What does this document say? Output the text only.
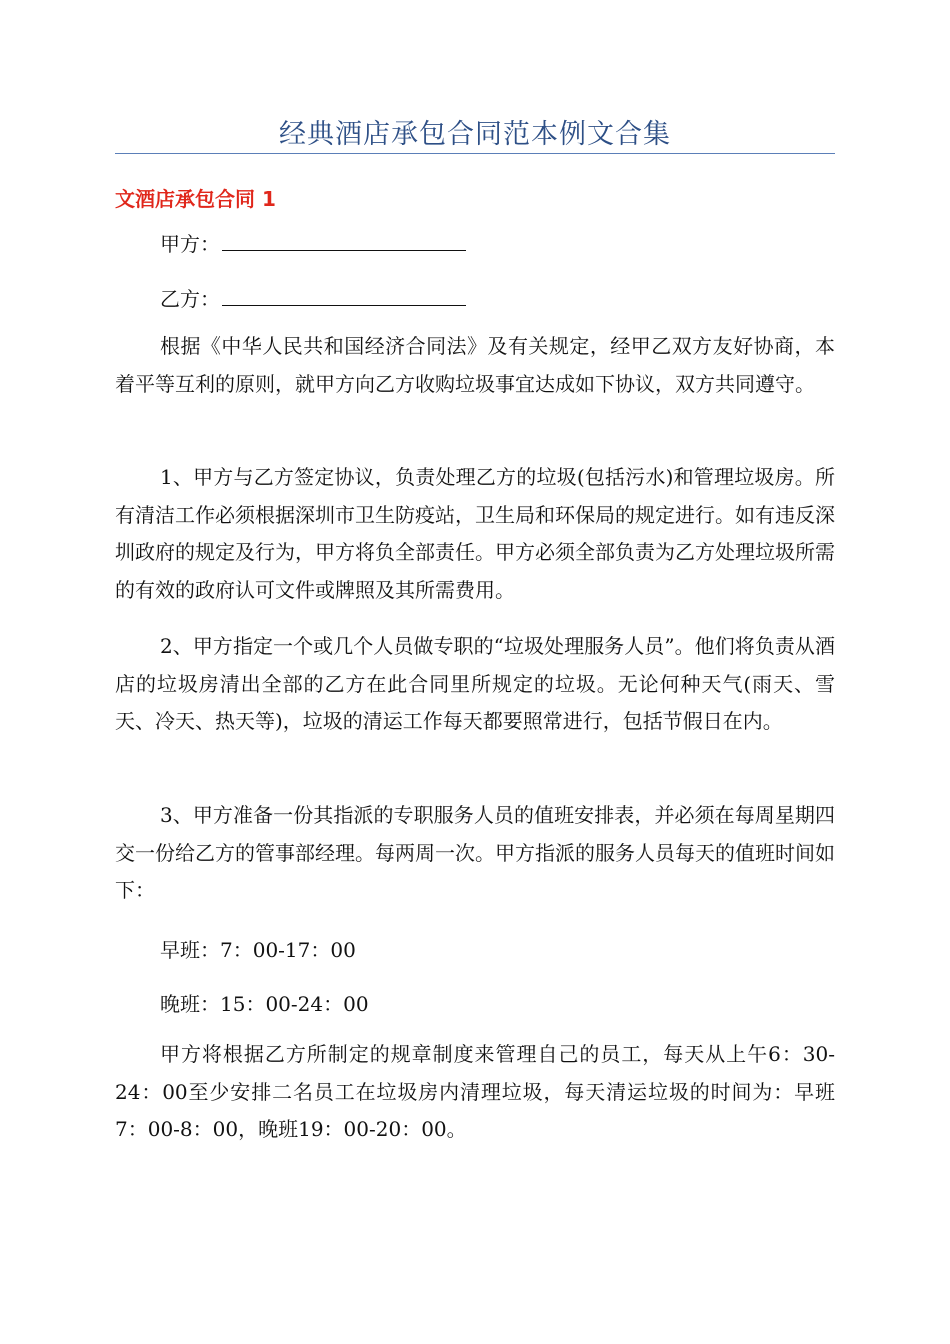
经典酒店承包合同范本例文合集
文酒店承包合同 1
甲方：
乙方：

根据《中华人民共和国经济合同法》及有关规定，经甲乙双方友好协商，本着平等互利的原则，就甲方向乙方收购垃圾事宜达成如下协议，双方共同遵守。

1、甲方与乙方签定协议，负责处理乙方的垃圾(包括污水)和管理垃圾房。所有清洁工作必须根据深圳市卫生防疫站，卫生局和环保局的规定进行。如有违反深圳政府的规定及行为，甲方将负全部责任。甲方必须全部负责为乙方处理垃圾所需的有效的政府认可文件或牌照及其所需费用。

2、甲方指定一个或几个人员做专职的“垃圾处理服务人员”。他们将负责从酒店的垃圾房清出全部的乙方在此合同里所规定的垃圾。无论何种天气(雨天、雪天、冷天、热天等)，垃圾的清运工作每天都要照常进行，包括节假日在内。

3、甲方准备一份其指派的专职服务人员的值班安排表，并必须在每周星期四交一份给乙方的管事部经理。每两周一次。甲方指派的服务人员每天的值班时间如下：

早班：7：00-17：00
晚班：15：00-24：00

甲方将根据乙方所制定的规章制度来管理自己的员工，每天从上午6：30-24：00至少安排二名员工在垃圾房内清理垃圾，每天清运垃圾的时间为：早班7：00-8：00，晚班19：00-20：00。
